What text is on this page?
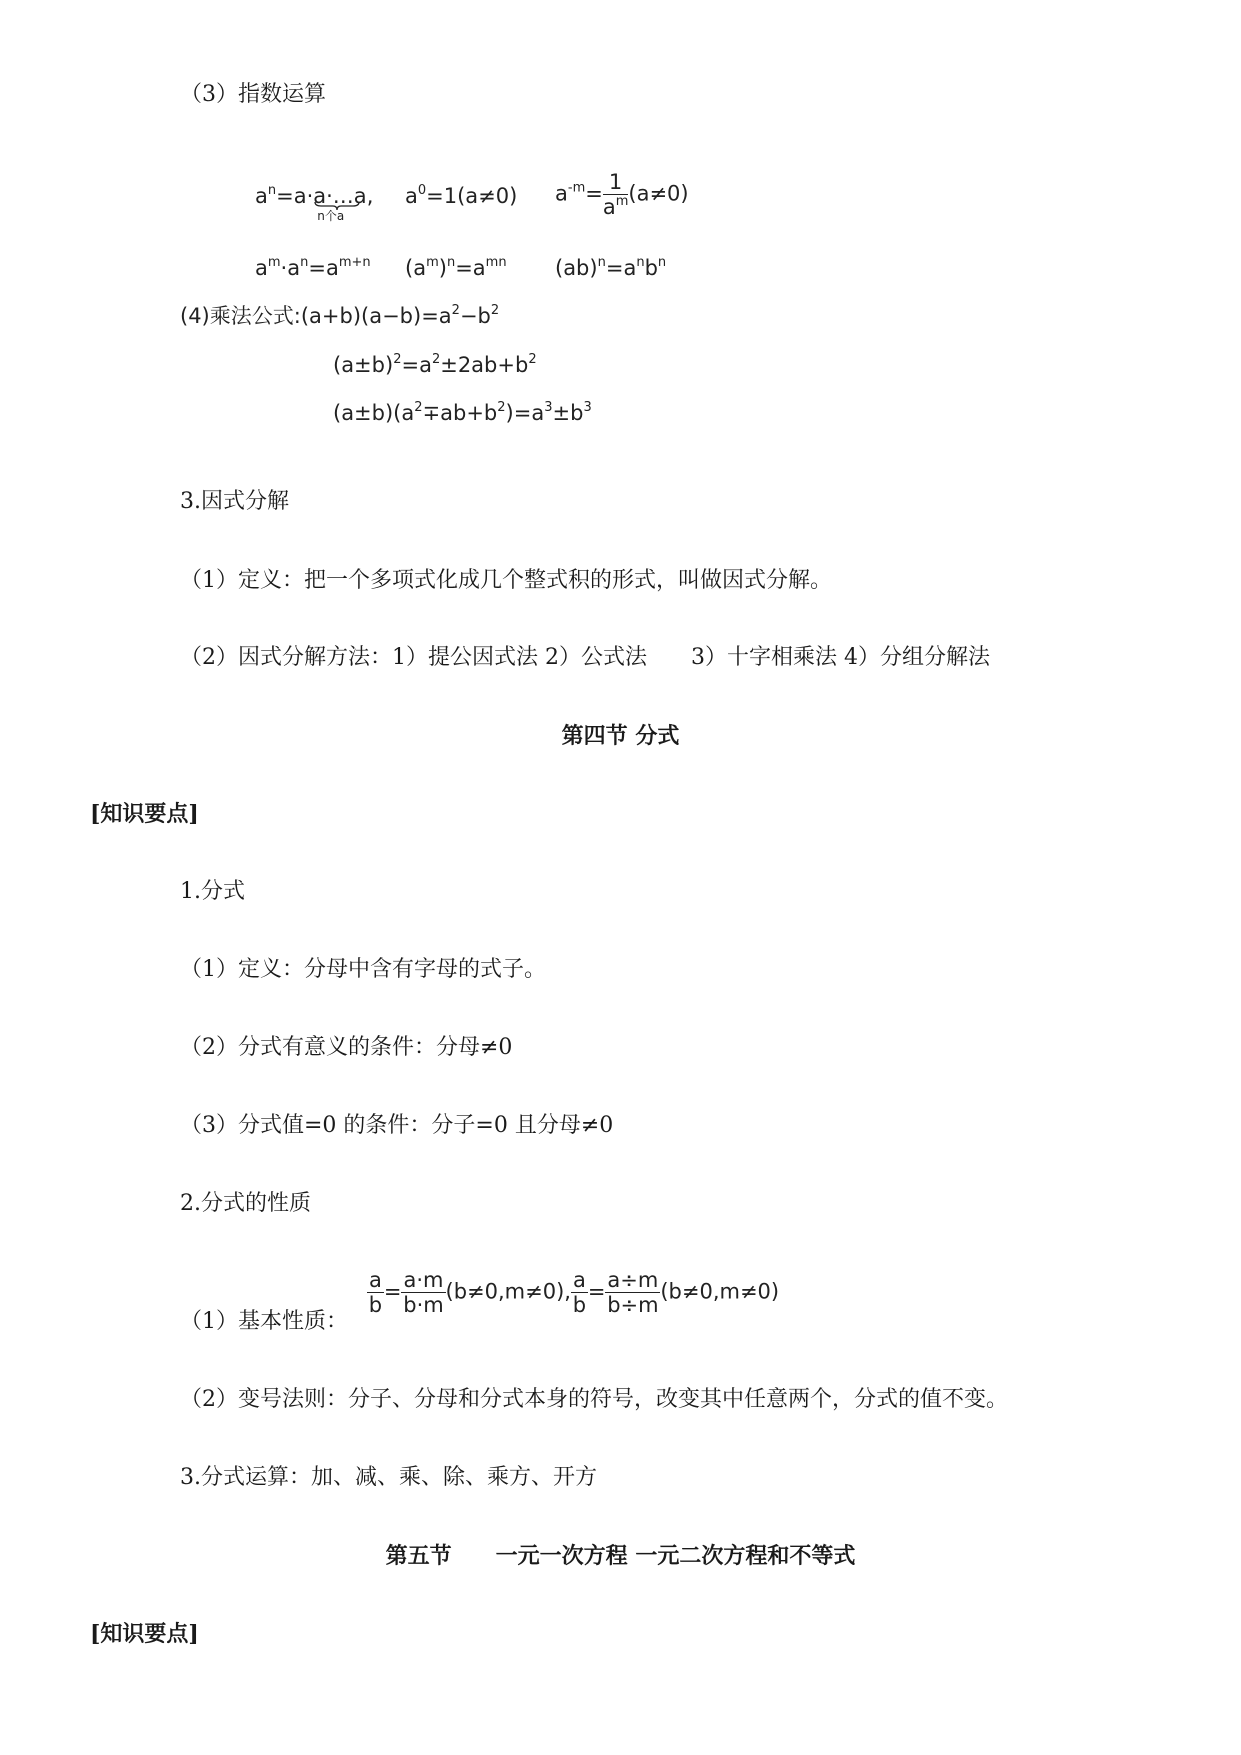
（3）指数运算
$a^n=a\cdot a\cdot\dots a$
n个a
, $a^0=1(a\ne 0)$ $a^{-m}= \frac{1}{a^m} (a\ne 0)$
$a^m\cdot a^n=a^{m+n}$ $(a^m)^n=a^{mn}$ $(ab)^n=a^nb^n$
(4)乘法公式$:(a+b)(a-b)=a^2-b^2$
$(a\pm b)^2=a^2\pm 2ab+b^2$
$(a\pm b)(a^2\mp ab+b^2)=a^3\pm b^3$
3.因式分解
（1）定义：把一个多项式化成几个整式积的形式，叫做因式分解。
（2）因式分解方法：1）提公因式法 2）公式法　　3）十字相乘法 4）分组分解法
第四节 分式
[知识要点]
1.分式
（1）定义：分母中含有字母的式子。
（2）分式有意义的条件：分母≠0
（3）分式值=0 的条件：分子=0 且分母≠0
2.分式的性质
（1）基本性质：
$\frac{a}{b} = \frac{a\cdot m}{b\cdot m} (b\ne 0,m\ne 0)$, $\frac{a}{b} = \frac{a\div m}{b\div m} (b\ne 0,m\ne 0)$
（2）变号法则：分子、分母和分式本身的符号，改变其中任意两个，分式的值不变。
3.分式运算：加、减、乘、除、乘方、开方
第五节　　一元一次方程 一元二次方程和不等式
[知识要点]
